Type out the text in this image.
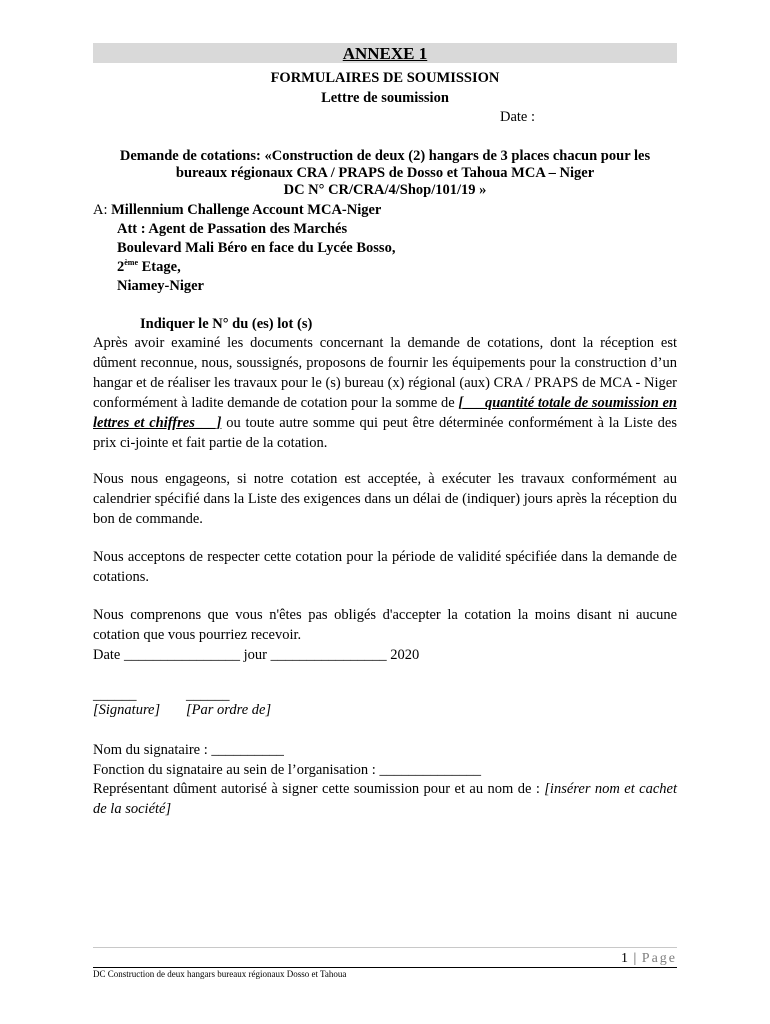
ANNEXE 1
FORMULAIRES DE SOUMISSION
Lettre de soumission
Date :
Demande de cotations: «Construction de deux (2) hangars de 3 places chacun pour les
bureaux régionaux CRA / PRAPS de Dosso et Tahoua MCA – Niger
DC N° CR/CRA/4/Shop/101/19 »
A: Millennium Challenge Account MCA-Niger
Att : Agent de Passation des Marchés
Boulevard Mali Béro en face du Lycée Bosso,
2ème Etage,
Niamey-Niger
Indiquer le N° du (es) lot (s)
Après avoir examiné les documents concernant la demande de cotations, dont la réception est dûment reconnue, nous, soussignés, proposons de fournir les équipements pour la construction d’un hangar et de réaliser les travaux pour le (s) bureau (x) régional (aux) CRA / PRAPS de MCA - Niger conformément à ladite demande de cotation pour la somme de [___quantité totale de soumission en lettres et chiffres___] ou toute autre somme qui peut être déterminée conformément à la Liste des prix ci-jointe et fait partie de la cotation.
Nous nous engageons, si notre cotation est acceptée, à exécuter les travaux conformément au calendrier spécifié dans la Liste des exigences dans un délai de (indiquer) jours après la réception du bon de commande.
Nous acceptons de respecter cette cotation pour la période de validité spécifiée dans la demande de cotations.
Nous comprenons que vous n'êtes pas obligés d'accepter la cotation la moins disant ni aucune cotation que vous pourriez recevoir.
Date ________________ jour ________________ 2020
______	______
[Signature] [Par ordre de]
Nom du signataire : __________
Fonction du signataire au sein de l’organisation : ______________
Représentant dûment autorisé à signer cette soumission pour et au nom de : [insérer nom et cachet de la société]
1 | Page
DC Construction de deux hangars bureaux régionaux Dosso et Tahoua
